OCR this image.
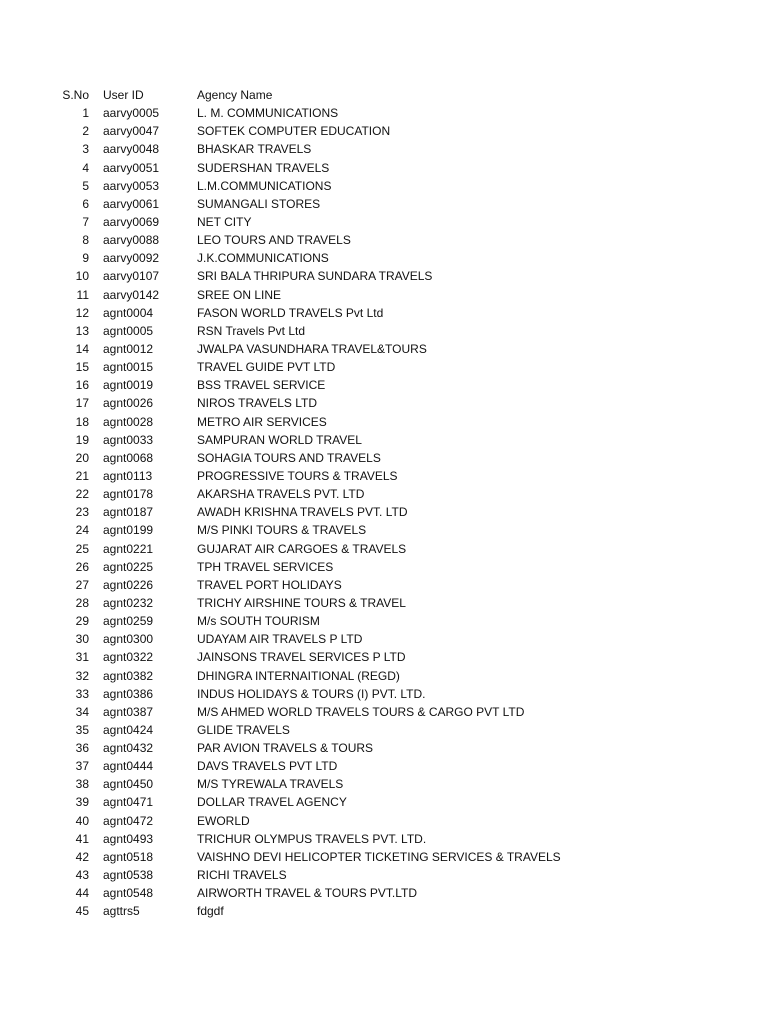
S.No User ID	Agency Name
1 aarvy0005	L. M. COMMUNICATIONS
2 aarvy0047	SOFTEK COMPUTER EDUCATION
3 aarvy0048	BHASKAR TRAVELS
4 aarvy0051	SUDERSHAN TRAVELS
5 aarvy0053	L.M.COMMUNICATIONS
6 aarvy0061	SUMANGALI STORES
7 aarvy0069	NET CITY
8 aarvy0088	LEO TOURS AND TRAVELS
9 aarvy0092	J.K.COMMUNICATIONS
10 aarvy0107	SRI BALA THRIPURA SUNDARA TRAVELS
11 aarvy0142	SREE ON LINE
12 agnt0004	FASON WORLD TRAVELS Pvt Ltd
13 agnt0005	RSN Travels Pvt Ltd
14 agnt0012	JWALPA VASUNDHARA TRAVEL&TOURS
15 agnt0015	TRAVEL GUIDE PVT LTD
16 agnt0019	BSS TRAVEL SERVICE
17 agnt0026	NIROS TRAVELS LTD
18 agnt0028	METRO AIR SERVICES
19 agnt0033	SAMPURAN WORLD TRAVEL
20 agnt0068	SOHAGIA TOURS AND TRAVELS
21 agnt0113	PROGRESSIVE TOURS & TRAVELS
22 agnt0178	AKARSHA TRAVELS PVT. LTD
23 agnt0187	AWADH KRISHNA TRAVELS PVT. LTD
24 agnt0199	M/S PINKI TOURS & TRAVELS
25 agnt0221	GUJARAT AIR CARGOES & TRAVELS
26 agnt0225	TPH TRAVEL SERVICES
27 agnt0226	TRAVEL PORT HOLIDAYS
28 agnt0232	TRICHY AIRSHINE TOURS & TRAVEL
29 agnt0259	M/s SOUTH TOURISM
30 agnt0300	UDAYAM AIR TRAVELS P LTD
31 agnt0322	JAINSONS TRAVEL SERVICES P LTD
32 agnt0382	DHINGRA INTERNAITIONAL (REGD)
33 agnt0386	INDUS HOLIDAYS & TOURS (I) PVT. LTD.
34 agnt0387	M/S AHMED WORLD TRAVELS TOURS & CARGO PVT LTD
35 agnt0424	GLIDE TRAVELS
36 agnt0432	PAR AVION TRAVELS & TOURS
37 agnt0444	DAVS TRAVELS PVT LTD
38 agnt0450	M/S TYREWALA TRAVELS
39 agnt0471	DOLLAR TRAVEL AGENCY
40 agnt0472	EWORLD
41 agnt0493	TRICHUR OLYMPUS TRAVELS PVT. LTD.
42 agnt0518	VAISHNO DEVI HELICOPTER TICKETING SERVICES & TRAVELS
43 agnt0538	RICHI TRAVELS
44 agnt0548	AIRWORTH TRAVEL & TOURS PVT.LTD
45 agttrs5	fdgdf
